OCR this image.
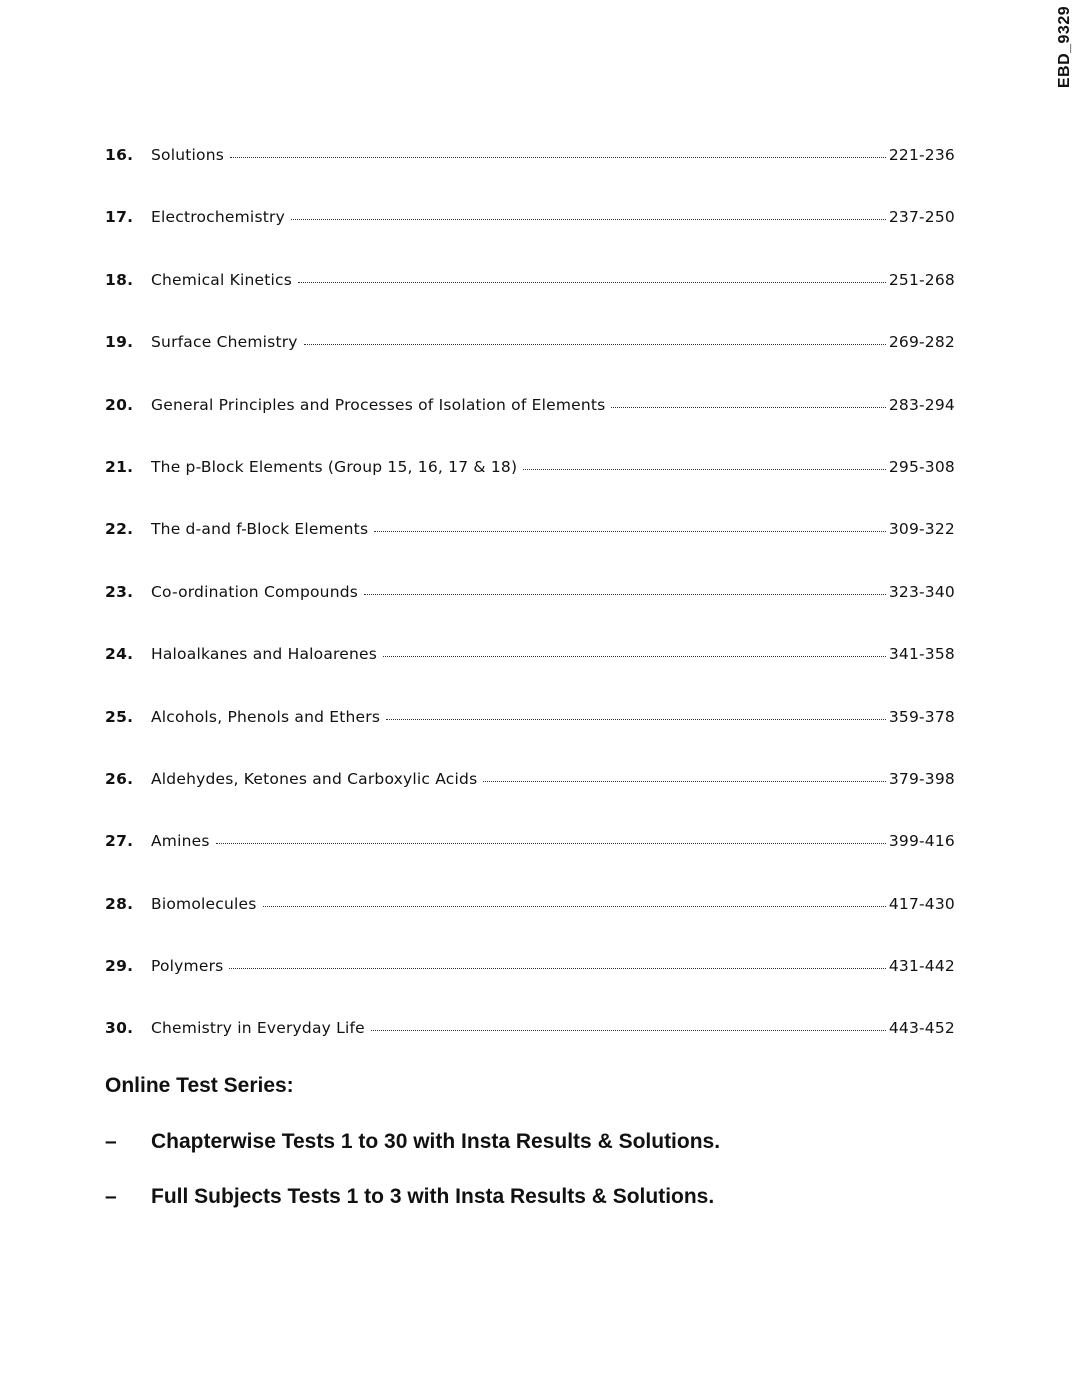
EBD_9329
16.	Solutions	221-236
17.	Electrochemistry	237-250
18.	Chemical Kinetics	251-268
19.	Surface Chemistry	269-282
20.	General Principles and Processes of Isolation of Elements	283-294
21.	The p-Block Elements (Group 15, 16, 17 & 18)	295-308
22.	The d-and f-Block Elements	309-322
23.	Co-ordination Compounds	323-340
24.	Haloalkanes and Haloarenes	341-358
25.	Alcohols, Phenols and Ethers	359-378
26.	Aldehydes, Ketones and Carboxylic Acids	379-398
27.	Amines	399-416
28.	Biomolecules	417-430
29.	Polymers	431-442
30.	Chemistry in Everyday Life	443-452
Online Test Series:
–	Chapterwise Tests 1 to 30 with Insta Results & Solutions.
–	Full Subjects Tests 1 to 3 with Insta Results & Solutions.
